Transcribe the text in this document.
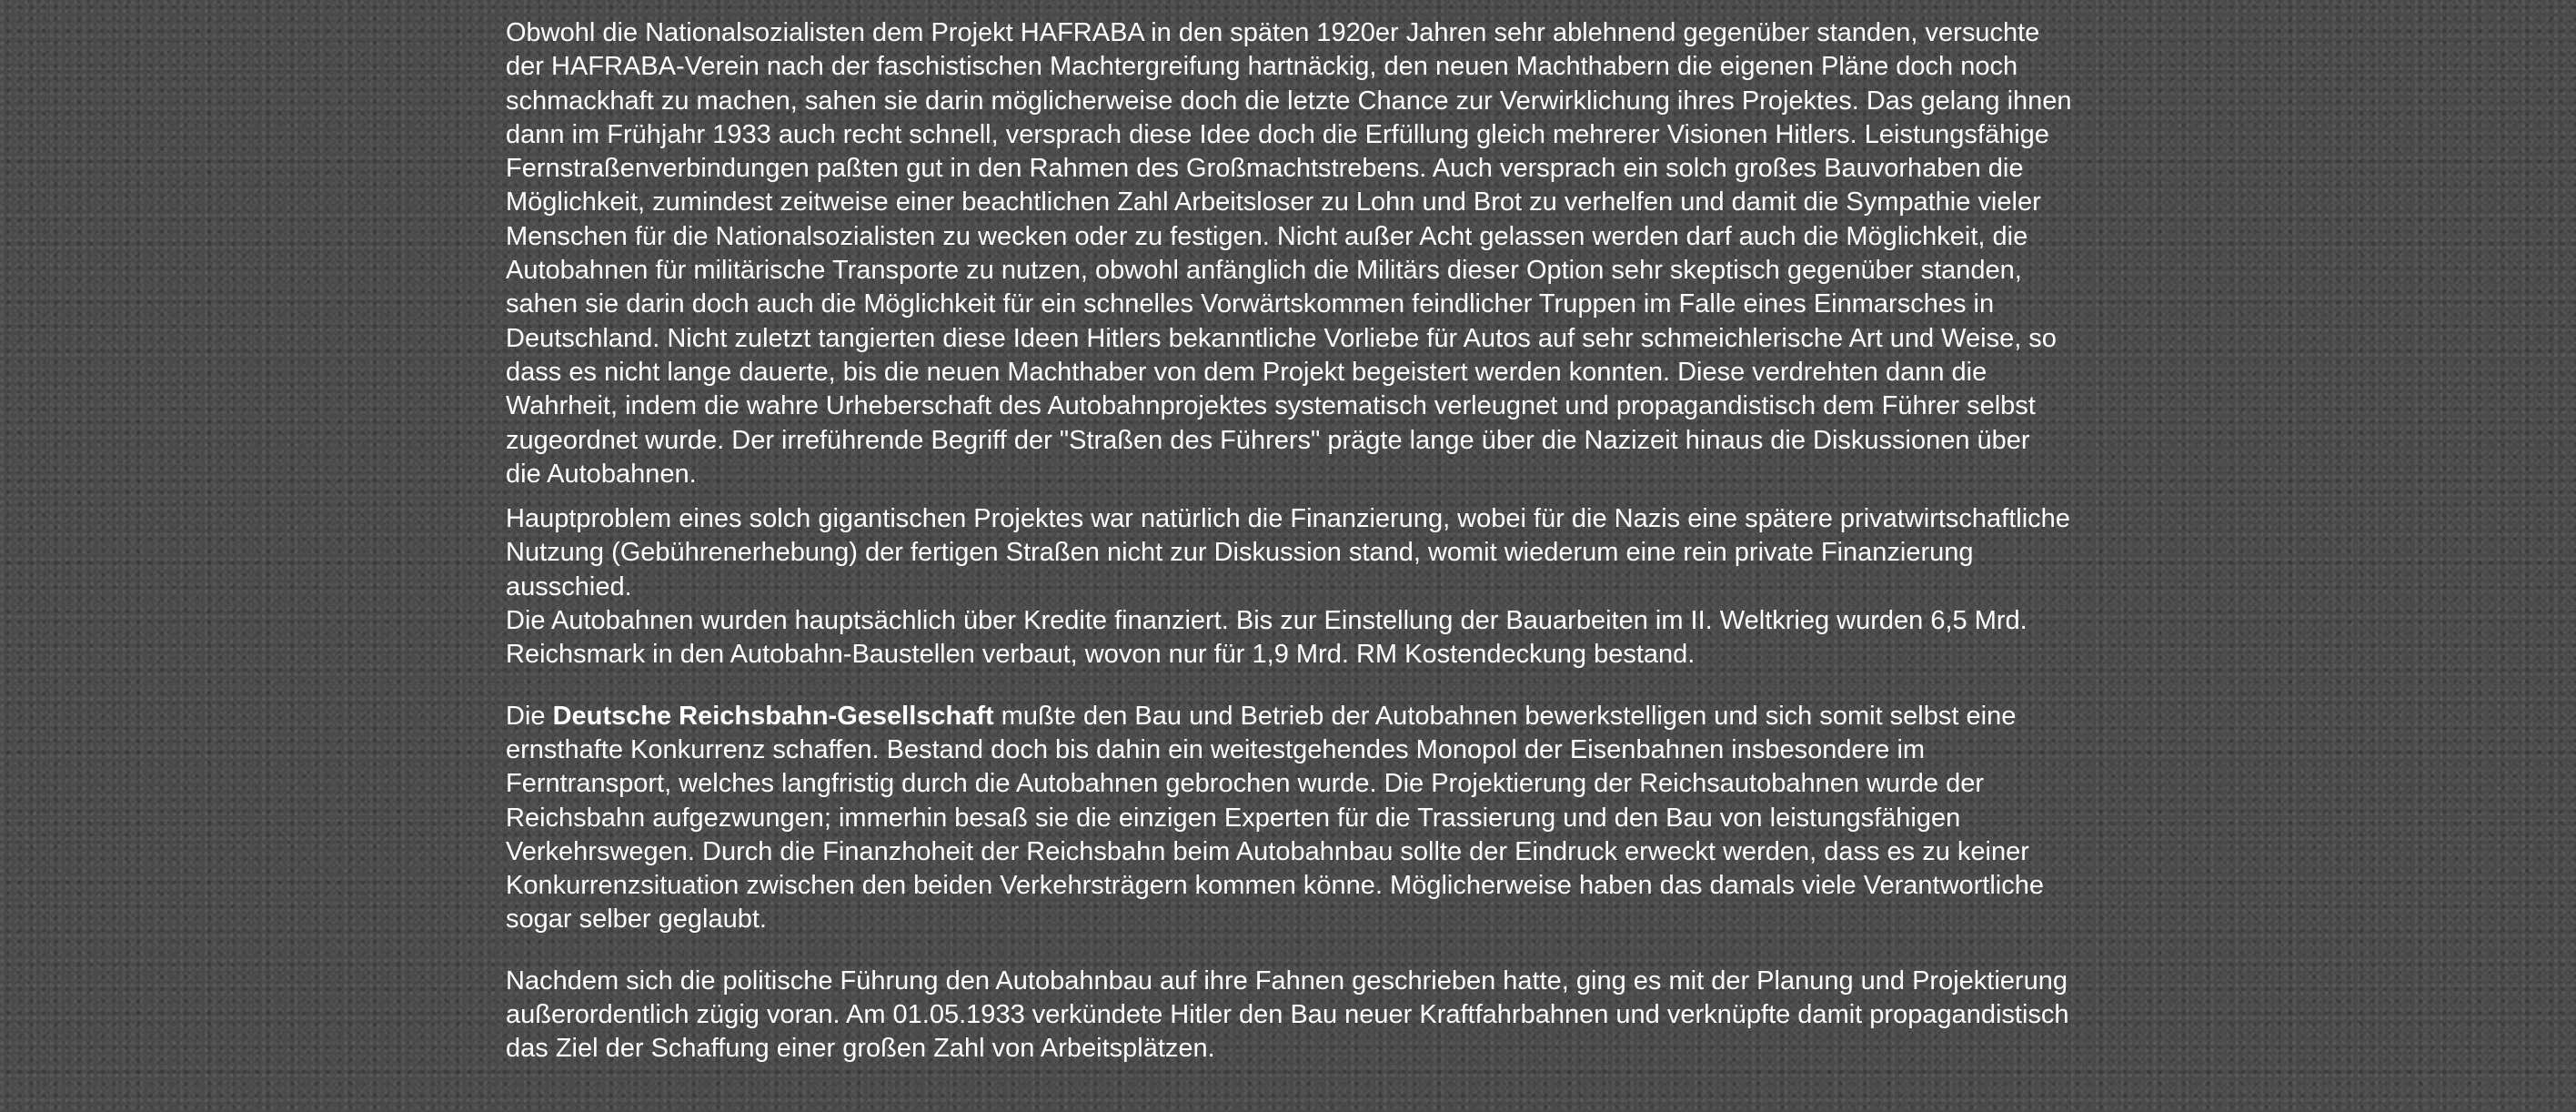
Obwohl die Nationalsozialisten dem Projekt HAFRABA in den späten 1920er Jahren sehr ablehnend gegenüber standen, versuchte der HAFRABA-Verein nach der faschistischen Machtergreifung hartnäckig, den neuen Machthabern die eigenen Pläne doch noch schmackhaft zu machen, sahen sie darin möglicherweise doch die letzte Chance zur Verwirklichung ihres Projektes. Das gelang ihnen dann im Frühjahr 1933 auch recht schnell, versprach diese Idee doch die Erfüllung gleich mehrerer Visionen Hitlers. Leistungsfähige Fernstraßenverbindungen paßten gut in den Rahmen des Großmachtstrebens. Auch versprach ein solch großes Bauvorhaben die Möglichkeit, zumindest zeitweise einer beachtlichen Zahl Arbeitsloser zu Lohn und Brot zu verhelfen und damit die Sympathie vieler Menschen für die Nationalsozialisten zu wecken oder zu festigen. Nicht außer Acht gelassen werden darf auch die Möglichkeit, die Autobahnen für militärische Transporte zu nutzen, obwohl anfänglich die Militärs dieser Option sehr skeptisch gegenüber standen, sahen sie darin doch auch die Möglichkeit für ein schnelles Vorwärtskommen feindlicher Truppen im Falle eines Einmarsches in Deutschland. Nicht zuletzt tangierten diese Ideen Hitlers bekanntliche Vorliebe für Autos auf sehr schmeichlerische Art und Weise, so dass es nicht lange dauerte, bis die neuen Machthaber von dem Projekt begeistert werden konnten. Diese verdrehten dann die Wahrheit, indem die wahre Urheberschaft des Autobahnprojektes systematisch verleugnet und propagandistisch dem Führer selbst zugeordnet wurde. Der irreführende Begriff der "Straßen des Führers" prägte lange über die Nazizeit hinaus die Diskussionen über die Autobahnen.

Hauptproblem eines solch gigantischen Projektes war natürlich die Finanzierung, wobei für die Nazis eine spätere privatwirtschaftliche Nutzung (Gebührenerhebung) der fertigen Straßen nicht zur Diskussion stand, womit wiederum eine rein private Finanzierung ausschied.
Die Autobahnen wurden hauptsächlich über Kredite finanziert. Bis zur Einstellung der Bauarbeiten im II. Weltkrieg wurden 6,5 Mrd. Reichsmark in den Autobahn-Baustellen verbaut, wovon nur für 1,9 Mrd. RM Kostendeckung bestand.

Die Deutsche Reichsbahn-Gesellschaft mußte den Bau und Betrieb der Autobahnen bewerkstelligen und sich somit selbst eine ernsthafte Konkurrenz schaffen. Bestand doch bis dahin ein weitestgehendes Monopol der Eisenbahnen insbesondere im Ferntransport, welches langfristig durch die Autobahnen gebrochen wurde. Die Projektierung der Reichsautobahnen wurde der Reichsbahn aufgezwungen; immerhin besaß sie die einzigen Experten für die Trassierung und den Bau von leistungsfähigen Verkehrswegen. Durch die Finanzhoheit der Reichsbahn beim Autobahnbau sollte der Eindruck erweckt werden, dass es zu keiner Konkurrenzsituation zwischen den beiden Verkehrsträgern kommen könne. Möglicherweise haben das damals viele Verantwortliche sogar selber geglaubt.

Nachdem sich die politische Führung den Autobahnbau auf ihre Fahnen geschrieben hatte, ging es mit der Planung und Projektierung außerordentlich zügig voran. Am 01.05.1933 verkündete Hitler den Bau neuer Kraftfahrbahnen und verknüpfte damit propagandistisch das Ziel der Schaffung einer großen Zahl von Arbeitsplätzen.
